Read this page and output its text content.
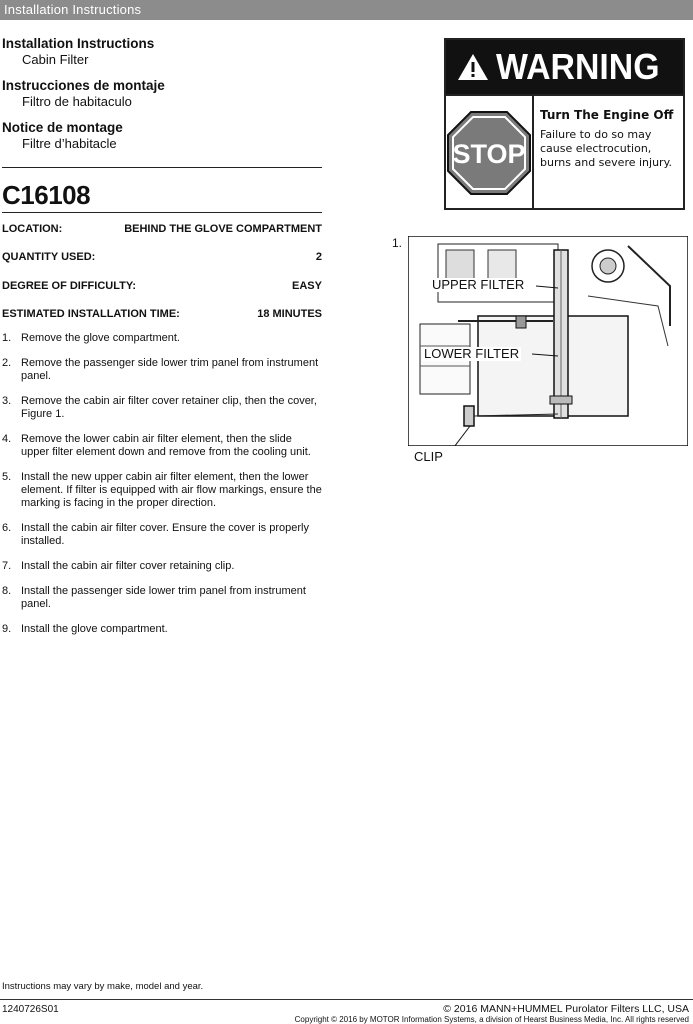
Installation Instructions
Installation Instructions
Cabin Filter
Instrucciones de montaje
Filtro de habitaculo
Notice de montage
Filtre d’habitacle
C16108
LOCATION:	BEHIND THE GLOVE COMPARTMENT
QUANTITY USED:	2
DEGREE OF DIFFICULTY:	EASY
ESTIMATED INSTALLATION TIME:	18 MINUTES
1. Remove the glove compartment.
2. Remove the passenger side lower trim panel from instrument panel.
3. Remove the cabin air filter cover retainer clip, then the cover, Figure 1.
4. Remove the lower cabin air filter element, then the slide upper filter element down and remove from the cooling unit.
5. Install the new upper cabin air filter element, then the lower element. If filter is equipped with air flow markings, ensure the marking is facing in the proper direction.
6. Install the cabin air filter cover. Ensure the cover is properly installed.
7. Install the cabin air filter cover retaining clip.
8. Install the passenger side lower trim panel from instrument panel.
9. Install the glove compartment.
WARNING
STOP
Turn The Engine Off
Failure to do so may cause electrocution, burns and severe injury.
1.
UPPER FILTER
LOWER FILTER
CLIP
Instructions may vary by make, model and year.
1240726S01	© 2016 MANN+HUMMEL Purolator Filters LLC, USA
Copyright © 2016 by MOTOR Information Systems, a division of Hearst Business Media, Inc. All rights reserved
